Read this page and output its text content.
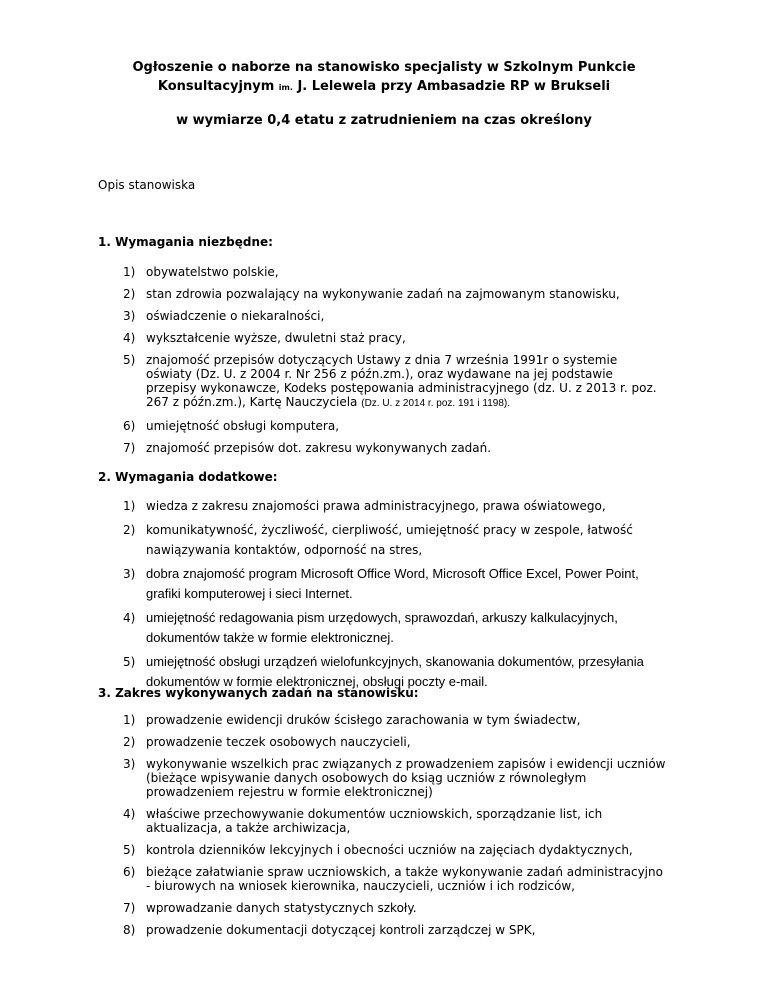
Ogłoszenie o naborze na stanowisko specjalisty w Szkolnym Punkcie

Konsultacyjnym im. J. Lelewela przy Ambasadzie RP w Brukseli

w wymiarze 0,4 etatu z zatrudnieniem na czas określony

Opis stanowiska

1. Wymagania niezbędne:

1) obywatelstwo polskie,
2) stan zdrowia pozwalający na wykonywanie zadań na zajmowanym stanowisku,
3) oświadczenie o niekaralności,
4) wykształcenie wyższe, dwuletni staż pracy,
5) znajomość przepisów dotyczących Ustawy z dnia 7 września 1991r o systemie oświaty (Dz. U. z 2004 r. Nr 256 z późn.zm.), oraz wydawane na jej podstawie przepisy wykonawcze, Kodeks postępowania administracyjnego (dz. U. z 2013 r. poz. 267 z późn.zm.), Kartę Nauczyciela (Dz. U. z 2014 r. poz. 191 i 1198).
6) umiejętność obsługi komputera,
7) znajomość przepisów dot. zakresu wykonywanych zadań.

2. Wymagania dodatkowe:

1) wiedza z zakresu znajomości prawa administracyjnego, prawa oświatowego,
2) komunikatywność, życzliwość, cierpliwość, umiejętność pracy w zespole, łatwość nawiązywania kontaktów, odporność na stres,
3) dobra znajomość program Microsoft Office Word, Microsoft Office Excel, Power Point, grafiki komputerowej i sieci Internet.
4) umiejętność redagowania pism urzędowych, sprawozdań, arkuszy kalkulacyjnych, dokumentów także w formie elektronicznej.
5) umiejętność obsługi urządzeń wielofunkcyjnych, skanowania dokumentów, przesyłania dokumentów w formie elektronicznej, obsługi poczty e-mail.

3. Zakres wykonywanych zadań na stanowisku:

1) prowadzenie ewidencji druków ścisłego zarachowania w tym świadectw,
2) prowadzenie teczek osobowych nauczycieli,
3) wykonywanie wszelkich prac związanych z prowadzeniem zapisów i ewidencji uczniów (bieżące wpisywanie danych osobowych do ksiąg uczniów z równoległym prowadzeniem rejestru w formie elektronicznej)
4) właściwe przechowywanie dokumentów uczniowskich, sporządzanie list, ich aktualizacja, a także archiwizacja,
5) kontrola dzienników lekcyjnych i obecności uczniów na zajęciach dydaktycznych,
6) bieżące załatwianie spraw uczniowskich, a także wykonywanie zadań administracyjno - biurowych na wniosek kierownika, nauczycieli, uczniów i ich rodziców,
7) wprowadzanie danych statystycznych szkoły.
8) prowadzenie dokumentacji dotyczącej kontroli zarządczej w SPK,
